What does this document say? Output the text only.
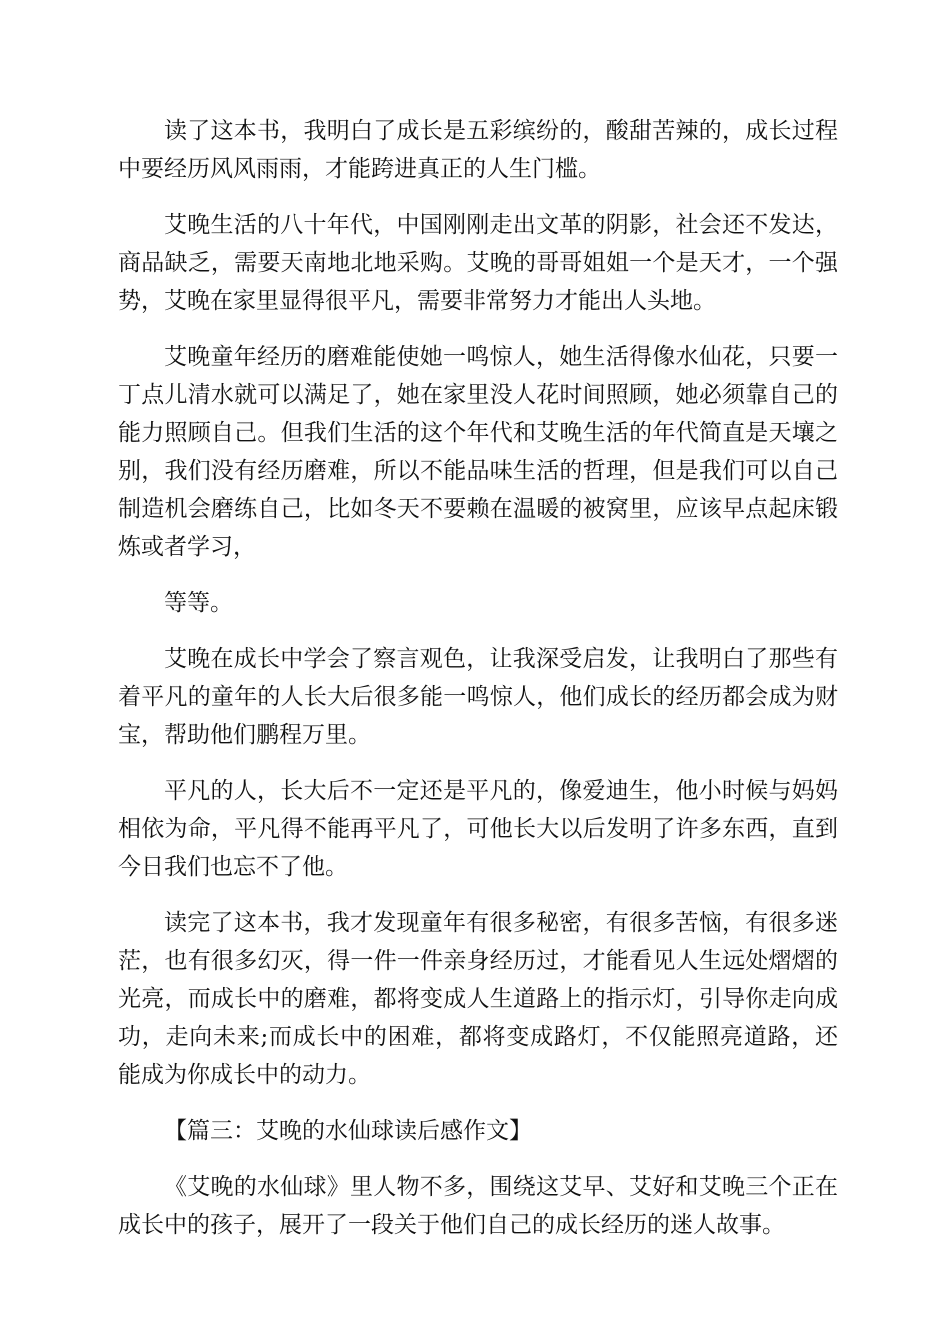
读了这本书，我明白了成长是五彩缤纷的，酸甜苦辣的，成长过程中要经历风风雨雨，才能跨进真正的人生门槛。

艾晚生活的八十年代，中国刚刚走出文革的阴影，社会还不发达，商品缺乏，需要天南地北地采购。艾晚的哥哥姐姐一个是天才，一个强势，艾晚在家里显得很平凡，需要非常努力才能出人头地。

艾晚童年经历的磨难能使她一鸣惊人，她生活得像水仙花，只要一丁点儿清水就可以满足了，她在家里没人花时间照顾，她必须靠自己的能力照顾自己。但我们生活的这个年代和艾晚生活的年代简直是天壤之别，我们没有经历磨难，所以不能品味生活的哲理，但是我们可以自己制造机会磨练自己，比如冬天不要赖在温暖的被窝里，应该早点起床锻炼或者学习，

等等。

艾晚在成长中学会了察言观色，让我深受启发，让我明白了那些有着平凡的童年的人长大后很多能一鸣惊人，他们成长的经历都会成为财宝，帮助他们鹏程万里。

平凡的人，长大后不一定还是平凡的，像爱迪生，他小时候与妈妈相依为命，平凡得不能再平凡了，可他长大以后发明了许多东西，直到今日我们也忘不了他。

读完了这本书，我才发现童年有很多秘密，有很多苦恼，有很多迷茫，也有很多幻灭，得一件一件亲身经历过，才能看见人生远处熠熠的光亮，而成长中的磨难，都将变成人生道路上的指示灯，引导你走向成功，走向未来;而成长中的困难，都将变成路灯，不仅能照亮道路，还能成为你成长中的动力。

【篇三：艾晚的水仙球读后感作文】

《艾晚的水仙球》里人物不多，围绕这艾早、艾好和艾晚三个正在成长中的孩子，展开了一段关于他们自己的成长经历的迷人故事。
